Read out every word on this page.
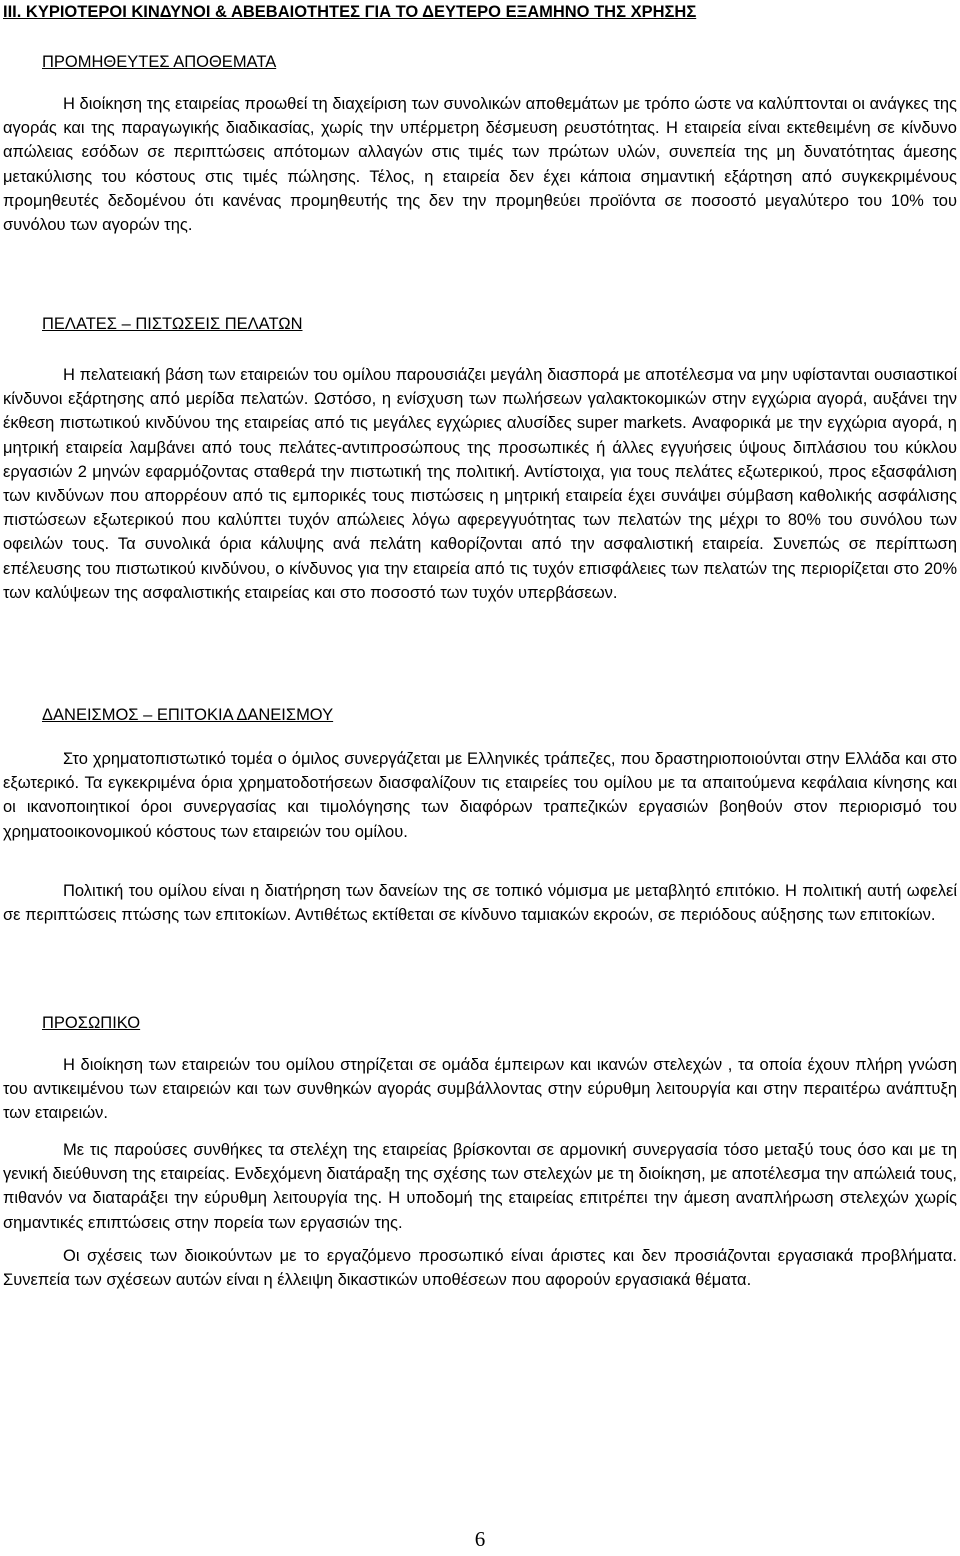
III. ΚΥΡΙΟΤΕΡΟΙ ΚΙΝΔΥΝΟΙ & ΑΒΕΒΑΙΟΤΗΤΕΣ ΓΙΑ ΤΟ ΔΕΥΤΕΡΟ ΕΞΑΜΗΝΟ ΤΗΣ ΧΡΗΣΗΣ
ΠΡΟΜΗΘΕΥΤΕΣ ΑΠΟΘΕΜΑΤΑ

Η διοίκηση της εταιρείας προωθεί τη διαχείριση των συνολικών αποθεμάτων με τρόπο ώστε να καλύπτονται οι ανάγκες της αγοράς και της παραγωγικής διαδικασίας, χωρίς την υπέρμετρη δέσμευση ρευστότητας. Η εταιρεία είναι εκτεθειμένη σε κίνδυνο απώλειας εσόδων σε περιπτώσεις απότομων αλλαγών στις τιμές των πρώτων υλών, συνεπεία της μη δυνατότητας άμεσης μετακύλισης του κόστους στις τιμές πώλησης. Τέλος, η εταιρεία δεν έχει κάποια σημαντική εξάρτηση από συγκεκριμένους προμηθευτές δεδομένου ότι κανένας προμηθευτής της δεν την προμηθεύει προϊόντα σε ποσοστό μεγαλύτερο του 10% του συνόλου των αγορών της.

ΠΕΛΑΤΕΣ – ΠΙΣΤΩΣΕΙΣ ΠΕΛΑΤΩΝ

Η πελατειακή βάση των εταιρειών του ομίλου παρουσιάζει μεγάλη διασπορά με αποτέλεσμα να μην υφίστανται ουσιαστικοί κίνδυνοι εξάρτησης από μερίδα πελατών. Ωστόσο, η ενίσχυση των πωλήσεων γαλακτοκομικών στην εγχώρια αγορά, αυξάνει την έκθεση πιστωτικού κινδύνου της εταιρείας από τις μεγάλες εγχώριες αλυσίδες super markets. Αναφορικά με την εγχώρια αγορά, η μητρική εταιρεία λαμβάνει από τους πελάτες-αντιπροσώπους της προσωπικές ή άλλες εγγυήσεις ύψους διπλάσιου του κύκλου εργασιών 2 μηνών εφαρμόζοντας σταθερά την πιστωτική της πολιτική. Αντίστοιχα, για τους πελάτες εξωτερικού, προς εξασφάλιση των κινδύνων που απορρέουν από τις εμπορικές τους πιστώσεις η μητρική εταιρεία έχει συνάψει σύμβαση καθολικής ασφάλισης πιστώσεων εξωτερικού που καλύπτει τυχόν απώλειες λόγω αφερεγγυότητας των πελατών της μέχρι το 80% του συνόλου των οφειλών τους. Τα συνολικά όρια κάλυψης ανά πελάτη καθορίζονται από την ασφαλιστική εταιρεία. Συνεπώς σε περίπτωση επέλευσης του πιστωτικού κινδύνου, ο κίνδυνος για την εταιρεία από τις τυχόν επισφάλειες των πελατών της περιορίζεται στο 20% των καλύψεων της ασφαλιστικής εταιρείας και στο ποσοστό των τυχόν υπερβάσεων.

ΔΑΝΕΙΣΜΟΣ – ΕΠΙΤΟΚΙΑ ΔΑΝΕΙΣΜΟΥ

Στο χρηματοπιστωτικό τομέα ο όμιλος συνεργάζεται με Ελληνικές τράπεζες, που δραστηριοποιούνται στην Ελλάδα και στο εξωτερικό. Τα εγκεκριμένα όρια χρηματοδοτήσεων διασφαλίζουν τις εταιρείες του ομίλου με τα απαιτούμενα κεφάλαια κίνησης και οι ικανοποιητικοί όροι συνεργασίας και τιμολόγησης των διαφόρων τραπεζικών εργασιών βοηθούν στον περιορισμό του χρηματοοικονομικού κόστους των εταιρειών του ομίλου.

Πολιτική του ομίλου είναι η διατήρηση των δανείων της σε τοπικό νόμισμα με μεταβλητό επιτόκιο. Η πολιτική αυτή ωφελεί σε περιπτώσεις πτώσης των επιτοκίων. Αντιθέτως εκτίθεται σε κίνδυνο ταμιακών εκροών, σε περιόδους αύξησης των επιτοκίων.

ΠΡΟΣΩΠΙΚΟ

Η διοίκηση των εταιρειών του ομίλου στηρίζεται σε ομάδα έμπειρων και ικανών στελεχών , τα οποία έχουν πλήρη γνώση του αντικειμένου των εταιρειών και των συνθηκών αγοράς συμβάλλοντας στην εύρυθμη λειτουργία και στην περαιτέρω ανάπτυξη των εταιρειών.

Με τις παρούσες συνθήκες τα στελέχη της εταιρείας βρίσκονται σε αρμονική συνεργασία τόσο μεταξύ τους όσο και με τη γενική διεύθυνση της εταιρείας. Ενδεχόμενη διατάραξη της σχέσης των στελεχών με τη διοίκηση, με αποτέλεσμα την απώλειά τους, πιθανόν να διαταράξει την εύρυθμη λειτουργία της. Η υποδομή της εταιρείας επιτρέπει την άμεση αναπλήρωση στελεχών χωρίς σημαντικές επιπτώσεις στην πορεία των εργασιών της.

Οι σχέσεις των διοικούντων με το εργαζόμενο προσωπικό είναι άριστες και δεν προσιάζονται εργασιακά προβλήματα. Συνεπεία των σχέσεων αυτών είναι η έλλειψη δικαστικών υποθέσεων που αφορούν εργασιακά θέματα.

6
